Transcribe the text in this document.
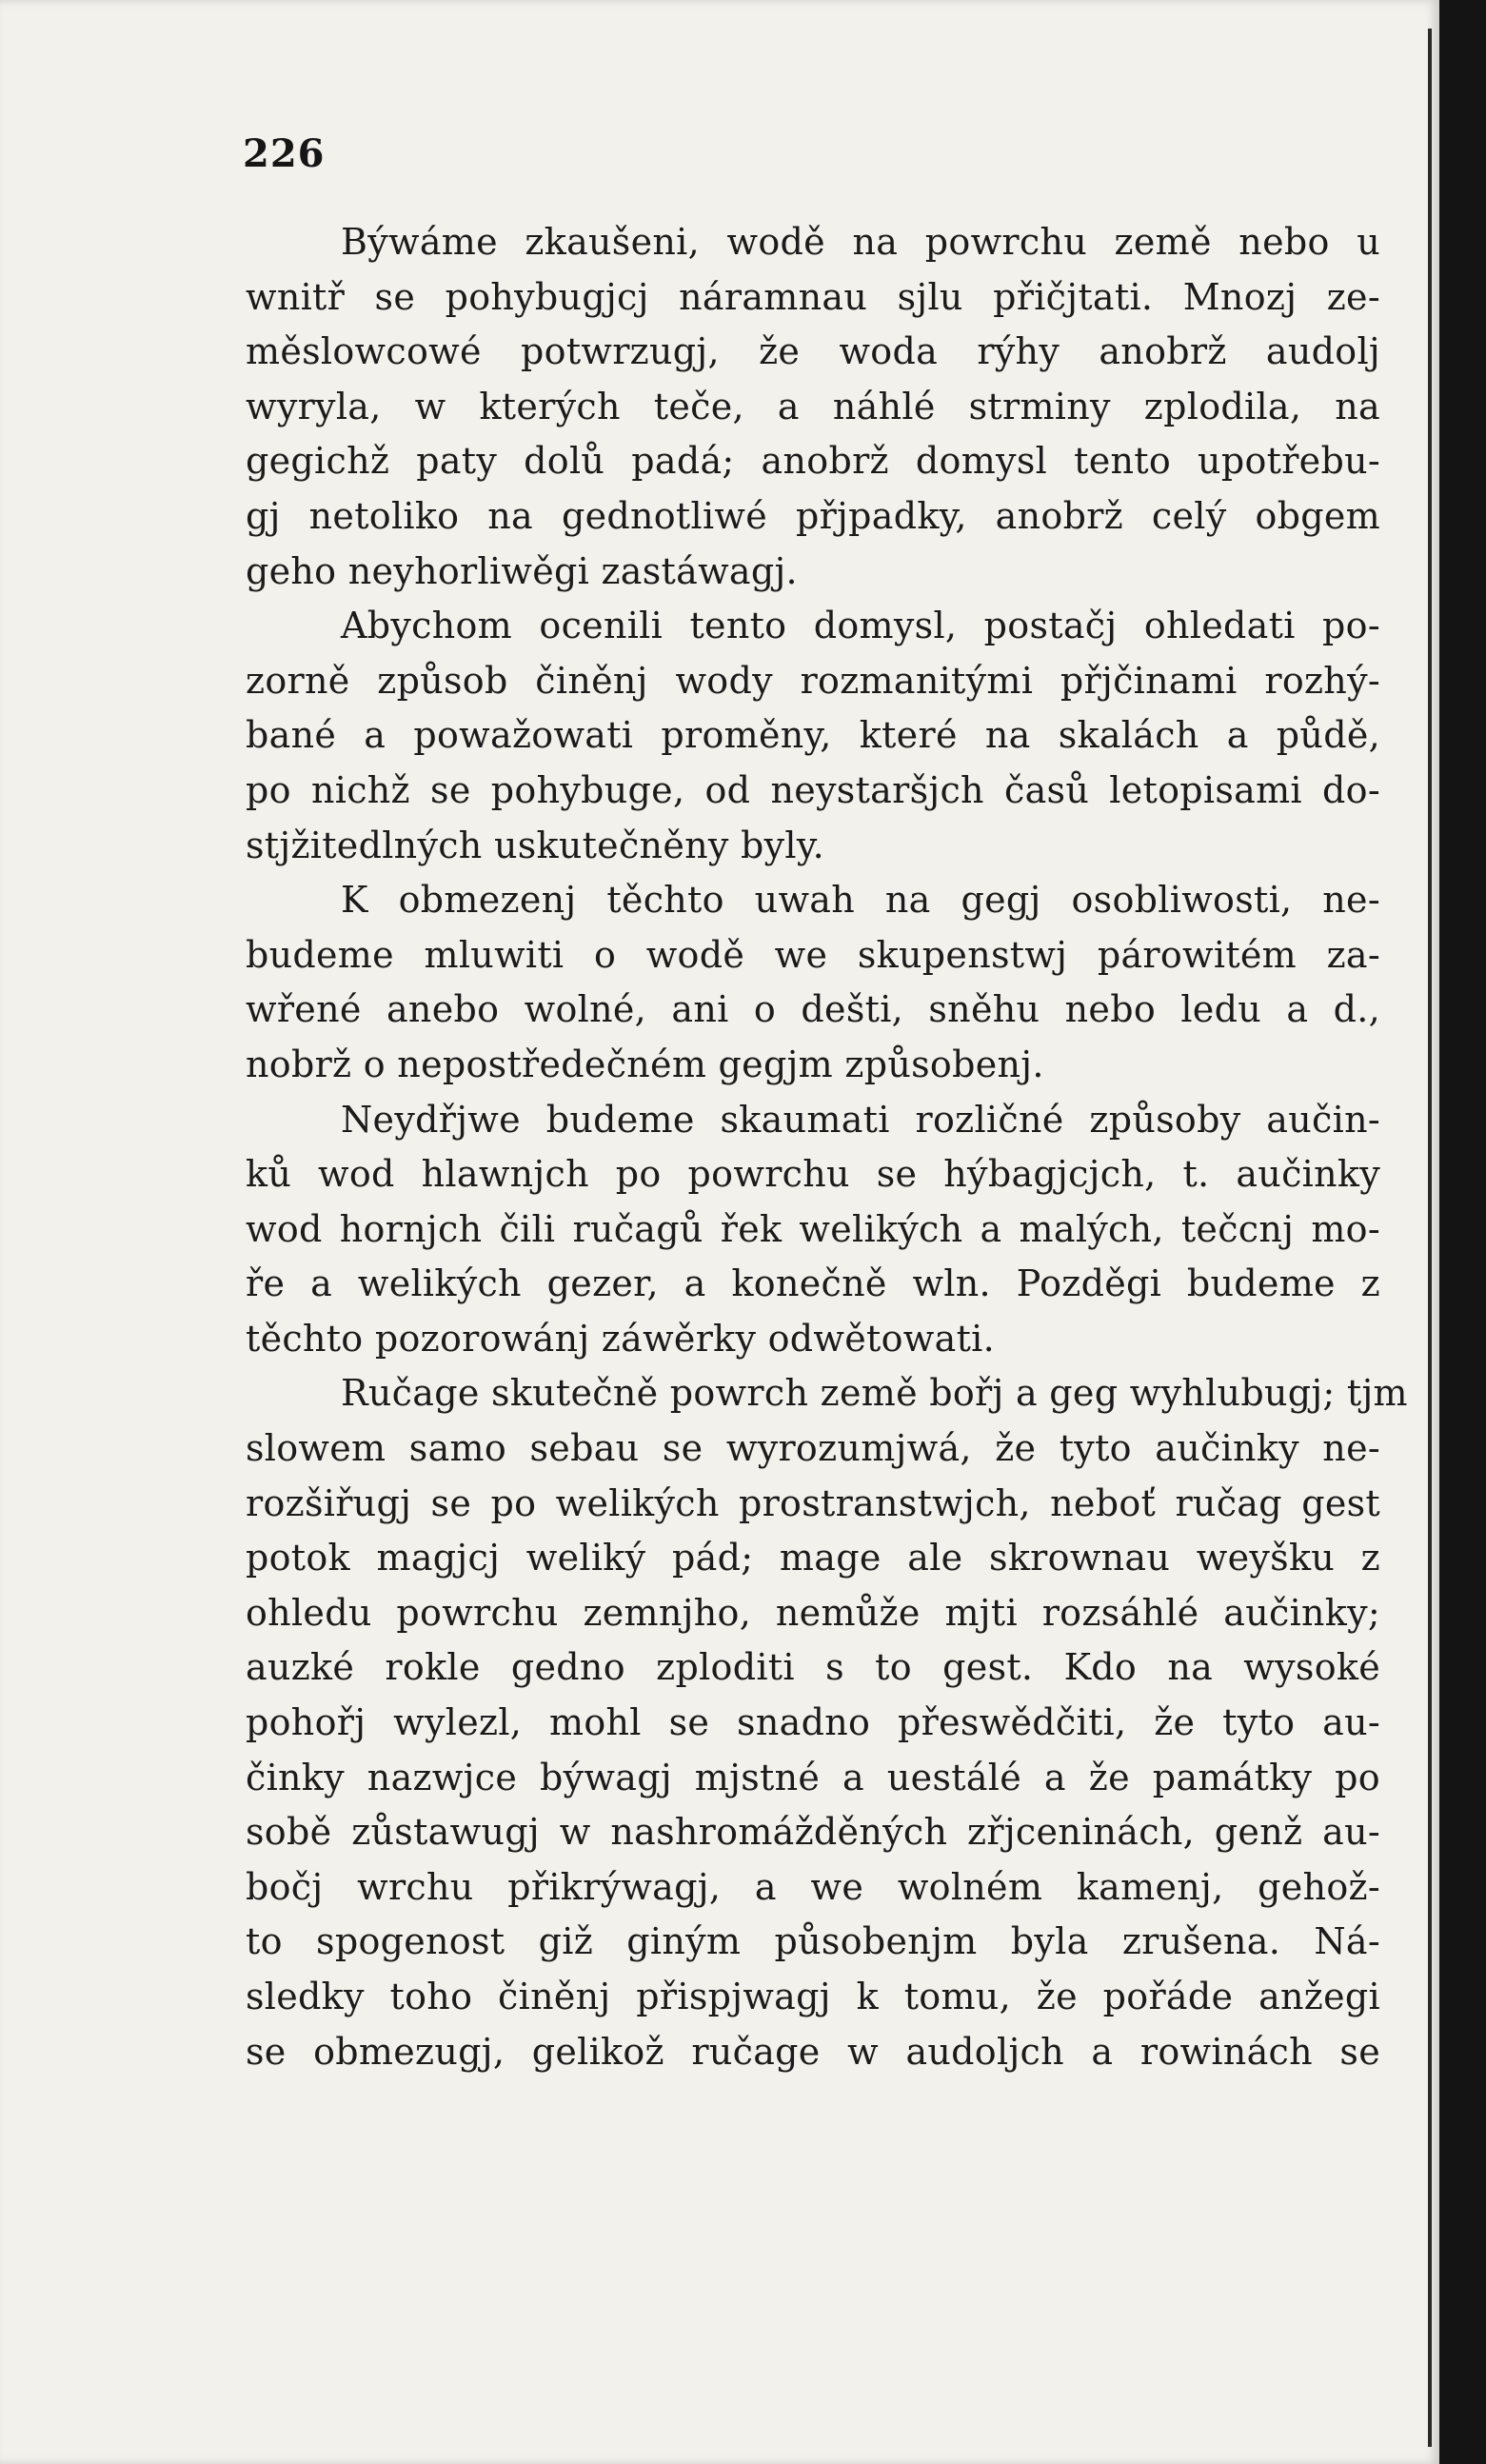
226
Býwáme zkaušeni, wodě na powrchu země nebo u
wnitř se pohybugjcj náramnau sjlu přičjtati. Mnozj ze-
měslowcowé potwrzugj, že woda rýhy anobrž audolj
wyryla, w kterých teče, a náhlé strminy zplodila, na
gegichž paty dolů padá; anobrž domysl tento upotřebu-
gj netoliko na gednotliwé přjpadky, anobrž celý obgem
geho neyhorliwěgi zastáwagj.
Abychom ocenili tento domysl, postačj ohledati po-
zorně způsob činěnj wody rozmanitými přjčinami rozhý-
bané a powažowati proměny, které na skalách a půdě,
po nichž se pohybuge, od neystaršjch časů letopisami do-
stjžitedlných uskutečněny byly.
K obmezenj těchto uwah na gegj osobliwosti, ne-
budeme mluwiti o wodě we skupenstwj párowitém za-
wřené anebo wolné, ani o dešti, sněhu nebo ledu a d.,
nobrž o nepostředečném gegjm způsobenj.
Neydřjwe budeme skaumati rozličné způsoby aučin-
ků wod hlawnjch po powrchu se hýbagjcjch, t. aučinky
wod hornjch čili ručagů řek welikých a malých, tečcnj mo-
ře a welikých gezer, a konečně wln. Pozděgi budeme z
těchto pozorowánj záwěrky odwětowati.
Ručage skutečně powrch země bořj a geg wyhlubugj; tjm
slowem samo sebau se wyrozumjwá, že tyto aučinky ne-
rozšiřugj se po welikých prostranstwjch, neboť ručag gest
potok magjcj weliký pád; mage ale skrownau weyšku z
ohledu powrchu zemnjho, nemůže mjti rozsáhlé aučinky;
auzké rokle gedno zploditi s to gest. Kdo na wysoké
pohořj wylezl, mohl se snadno přeswědčiti, že tyto au-
činky nazwjce býwagj mjstné a uestálé a že památky po
sobě zůstawugj w nashromážděných zřjceninách, genž au-
bočj wrchu přikrýwagj, a we wolném kamenj, gehož-
to spogenost giž giným působenjm byla zrušena. Ná-
sledky toho činěnj přispjwagj k tomu, že pořáde anžegi
se obmezugj, gelikož ručage w audoljch a rowinách se
